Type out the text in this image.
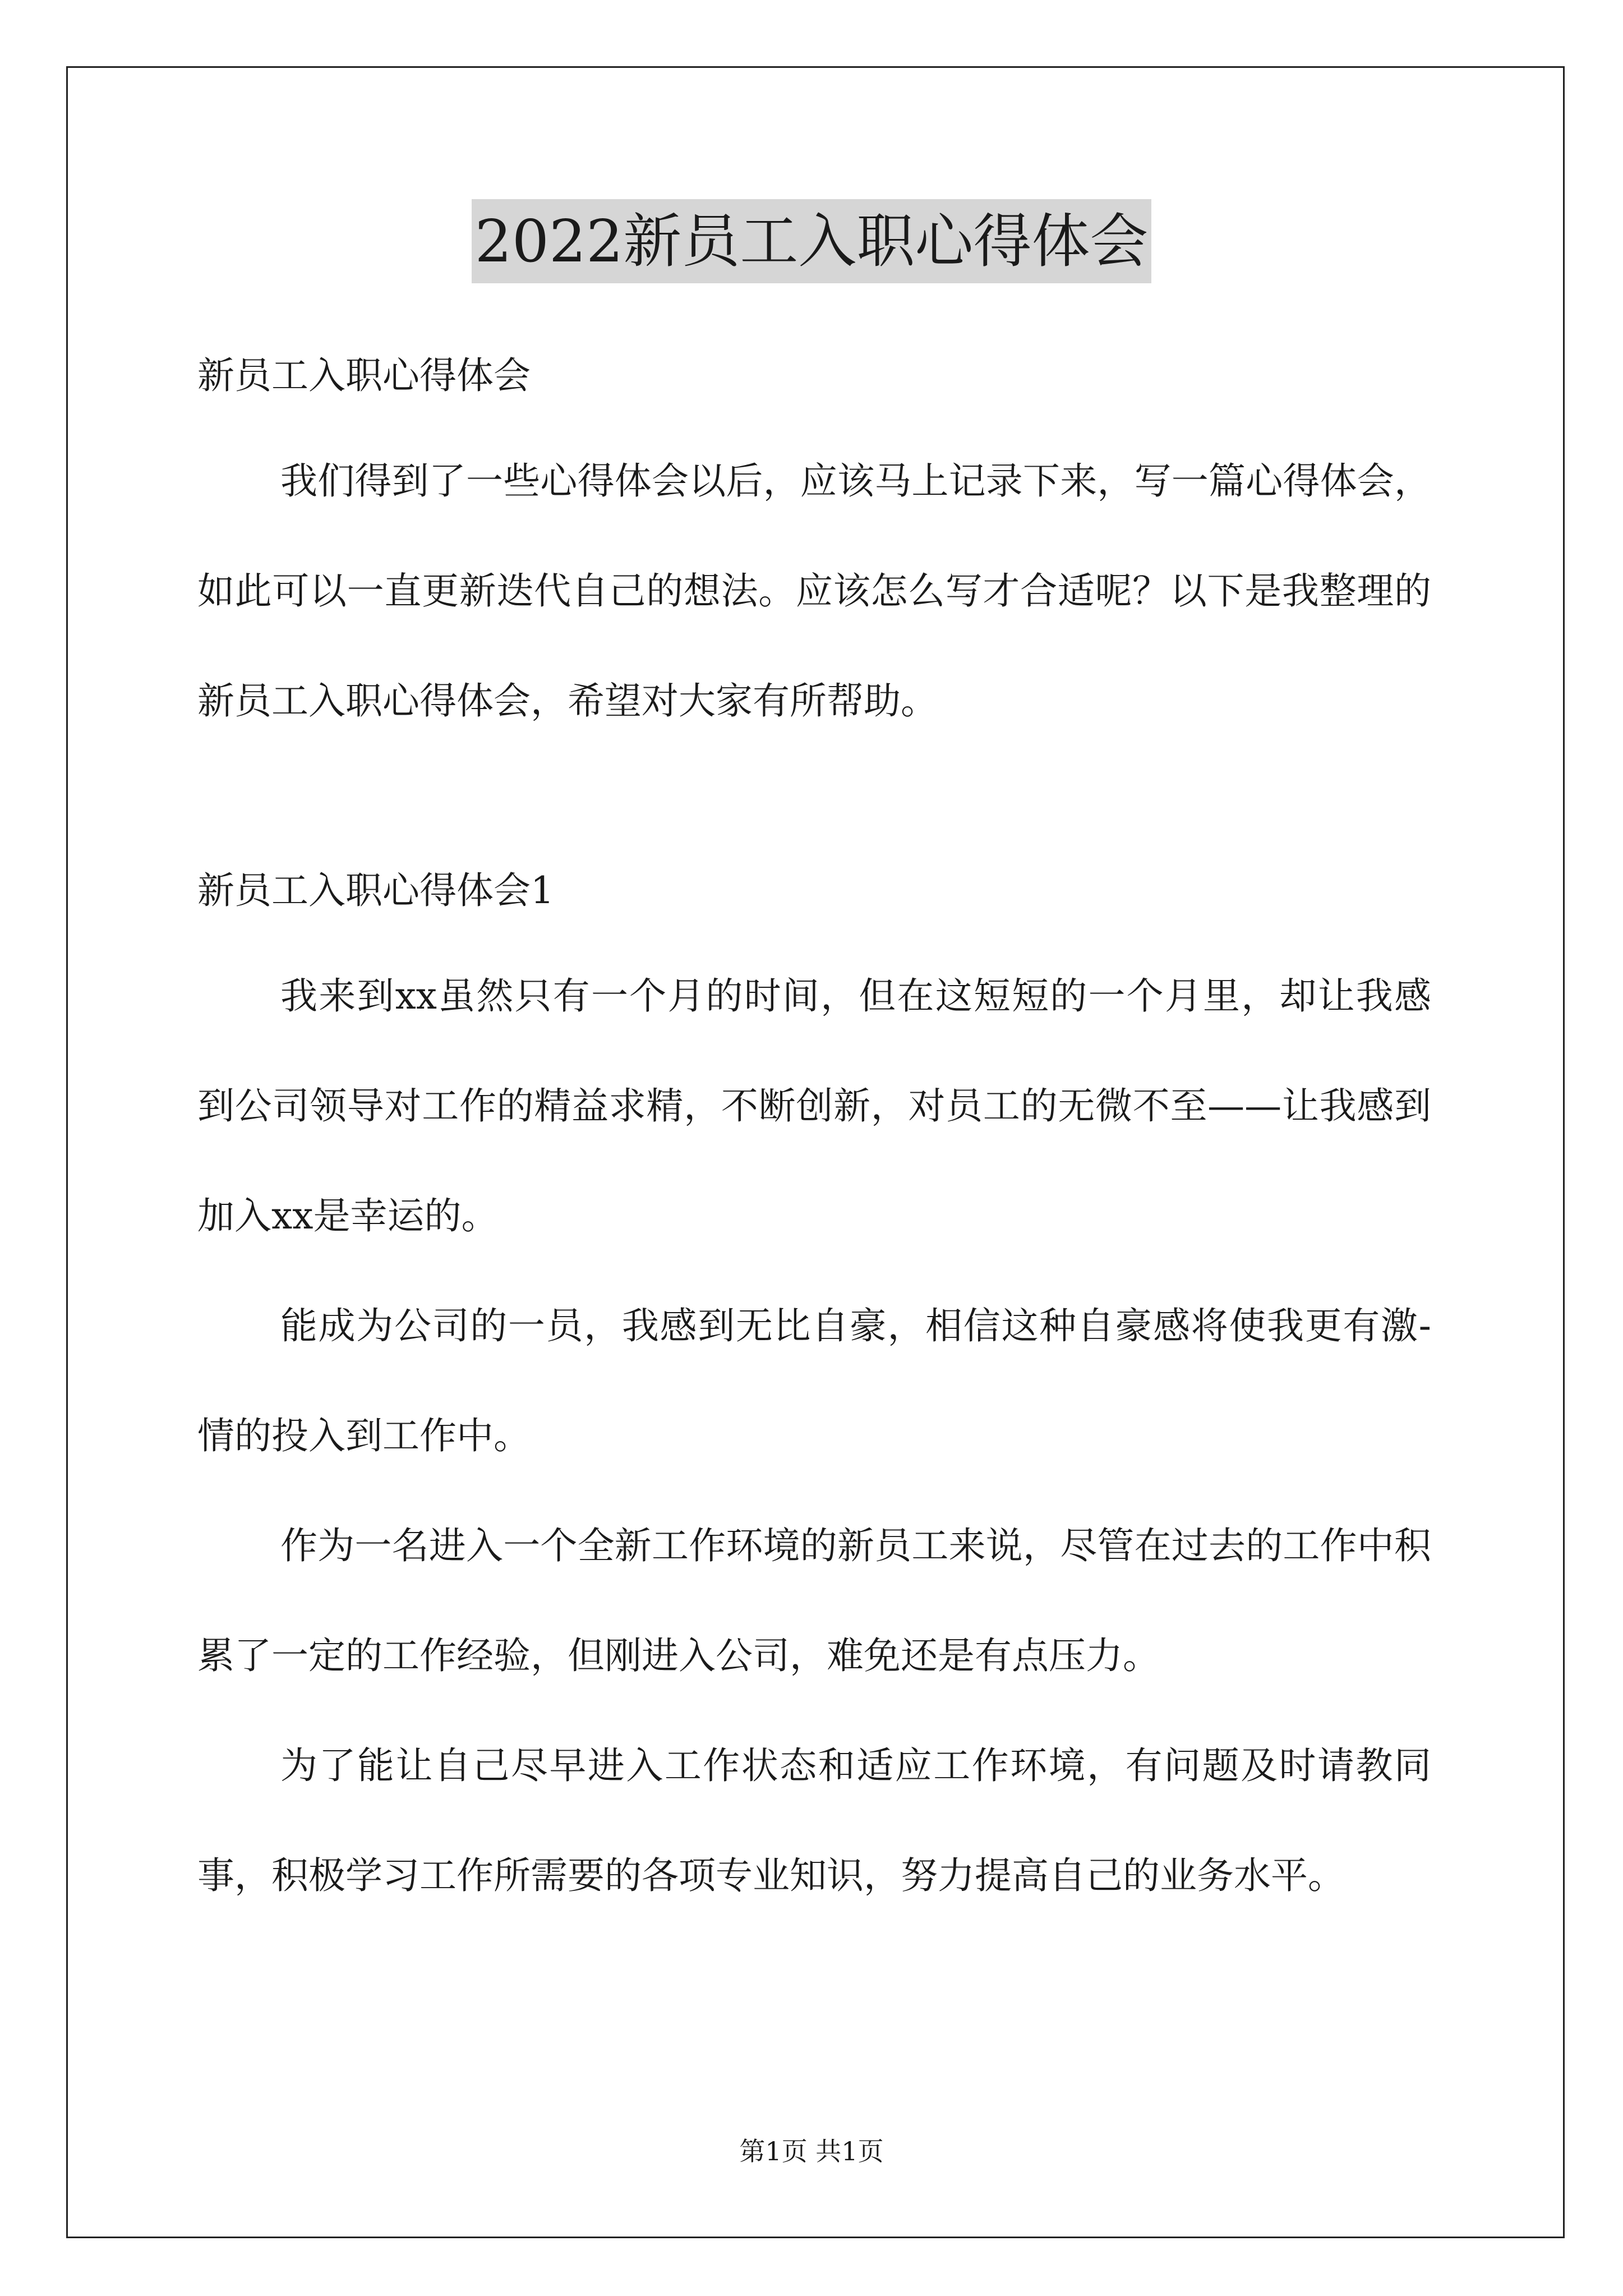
2022新员工入职心得体会

新员工入职心得体会

我们得到了一些心得体会以后，应该马上记录下来，写一篇心得体会，如此可以一直更新迭代自己的想法。应该怎么写才合适呢？以下是我整理的新员工入职心得体会，希望对大家有所帮助。

新员工入职心得体会1

我来到xx虽然只有一个月的时间，但在这短短的一个月里，却让我感到公司领导对工作的精益求精，不断创新，对员工的无微不至——让我感到加入xx是幸运的。

能成为公司的一员，我感到无比自豪，相信这种自豪感将使我更有激-情的投入到工作中。

作为一名进入一个全新工作环境的新员工来说，尽管在过去的工作中积累了一定的工作经验，但刚进入公司，难免还是有点压力。

为了能让自己尽早进入工作状态和适应工作环境，有问题及时请教同事，积极学习工作所需要的各项专业知识，努力提高自己的业务水平。

第1页 共1页
